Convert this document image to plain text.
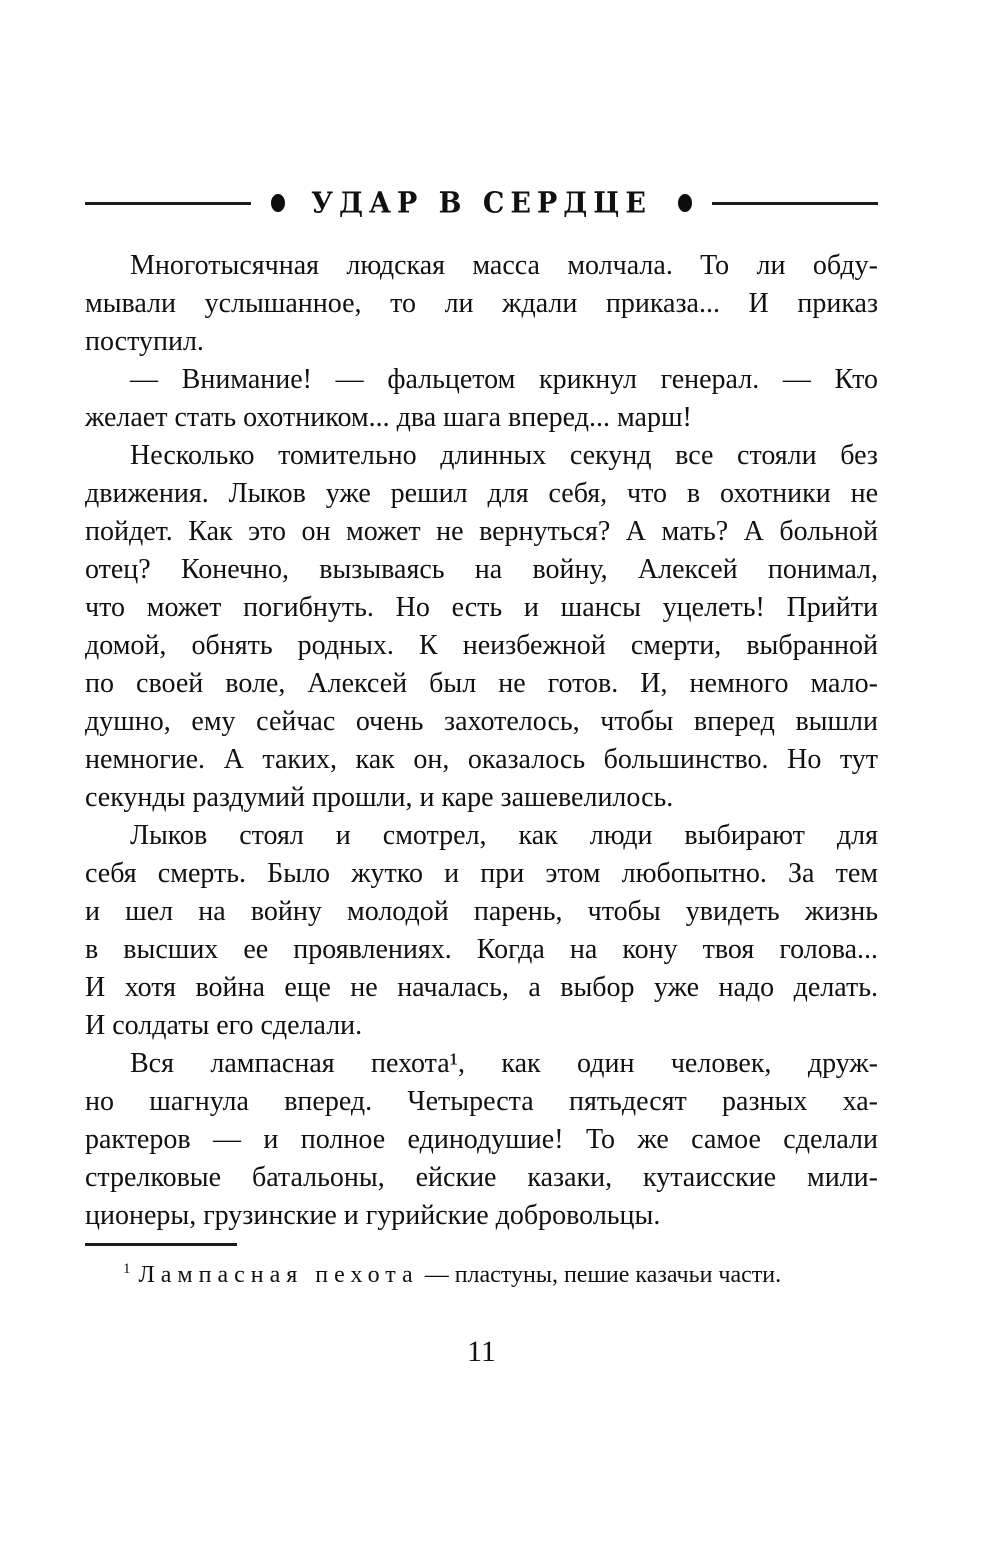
УДАР В СЕРДЦЕ
Многотысячная людская масса молчала. То ли обду-
мывали услышанное, то ли ждали приказа... И приказ
поступил.
— Внимание! — фальцетом крикнул генерал. — Кто
желает стать охотником... два шага вперед... марш!
Несколько томительно длинных секунд все стояли без
движения. Лыков уже решил для себя, что в охотники не
пойдет. Как это он может не вернуться? А мать? А больной
отец? Конечно, вызываясь на войну, Алексей понимал,
что может погибнуть. Но есть и шансы уцелеть! Прийти
домой, обнять родных. К неизбежной смерти, выбранной
по своей воле, Алексей был не готов. И, немного мало-
душно, ему сейчас очень захотелось, чтобы вперед вышли
немногие. А таких, как он, оказалось большинство. Но тут
секунды раздумий прошли, и каре зашевелилось.
Лыков стоял и смотрел, как люди выбирают для
себя смерть. Было жутко и при этом любопытно. За тем
и шел на войну молодой парень, чтобы увидеть жизнь
в высших ее проявлениях. Когда на кону твоя голова...
И хотя война еще не началась, а выбор уже надо делать.
И солдаты его сделали.
Вся лампасная пехота¹, как один человек, друж-
но шагнула вперед. Четыреста пятьдесят разных ха-
рактеров — и полное единодушие! То же самое сделали
стрелковые батальоны, ейские казаки, кутаисские мили-
ционеры, грузинские и гурийские добровольцы.
$^1$ Лампасная пехота — пластуны, пешие казачьи части.
11
